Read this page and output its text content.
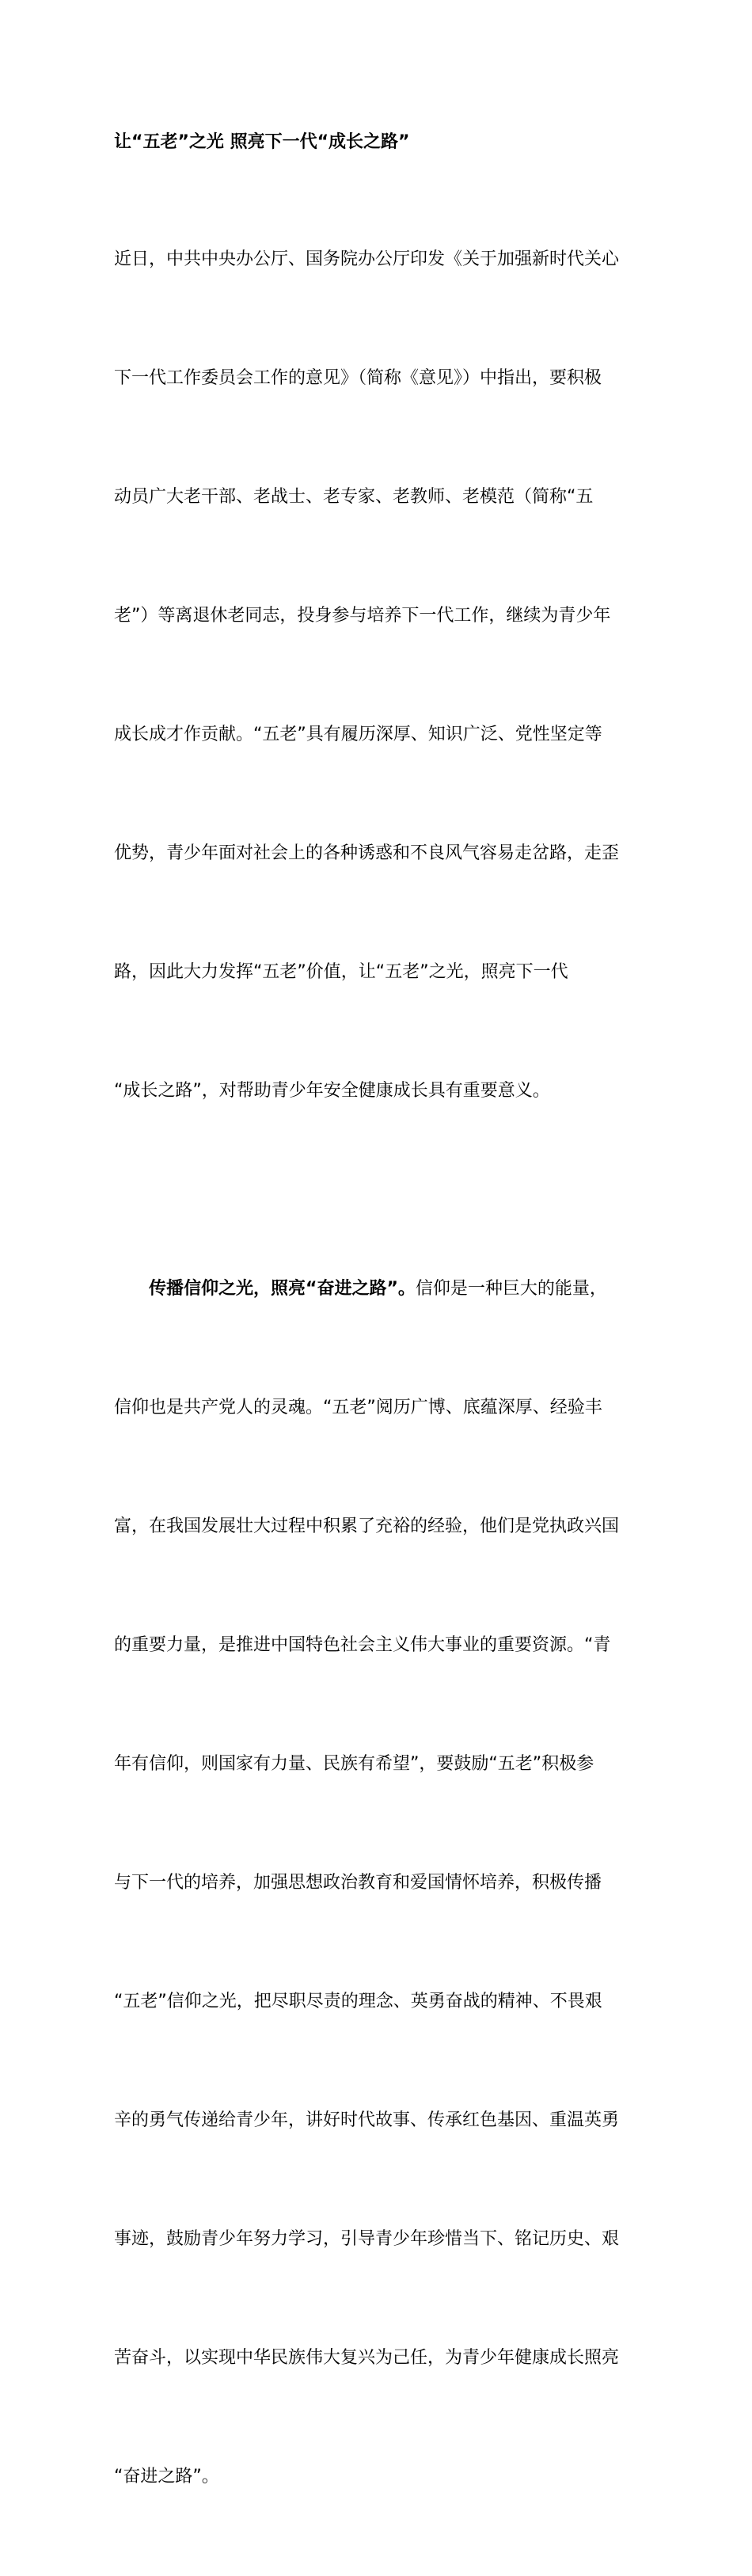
让“五老”之光 照亮下一代“成长之路”

近日，中共中央办公厅、国务院办公厅印发《关于加强新时代关心

下一代工作委员会工作的意见》（简称《意见》）中指出，要积极

动员广大老干部、老战士、老专家、老教师、老模范（简称“五

老”）等离退休老同志，投身参与培养下一代工作，继续为青少年

成长成才作贡献。“五老”具有履历深厚、知识广泛、党性坚定等

优势，青少年面对社会上的各种诱惑和不良风气容易走岔路，走歪

路，因此大力发挥“五老”价值，让“五老”之光，照亮下一代

“成长之路”，对帮助青少年安全健康成长具有重要意义。

传播信仰之光，照亮“奋进之路”。信仰是一种巨大的能量，

信仰也是共产党人的灵魂。“五老”阅历广博、底蕴深厚、经验丰

富，在我国发展壮大过程中积累了充裕的经验，他们是党执政兴国

的重要力量，是推进中国特色社会主义伟大事业的重要资源。“青

年有信仰，则国家有力量、民族有希望”，要鼓励“五老”积极参

与下一代的培养，加强思想政治教育和爱国情怀培养，积极传播

“五老”信仰之光，把尽职尽责的理念、英勇奋战的精神、不畏艰

辛的勇气传递给青少年，讲好时代故事、传承红色基因、重温英勇

事迹，鼓励青少年努力学习，引导青少年珍惜当下、铭记历史、艰

苦奋斗，以实现中华民族伟大复兴为己任，为青少年健康成长照亮

“奋进之路”。
